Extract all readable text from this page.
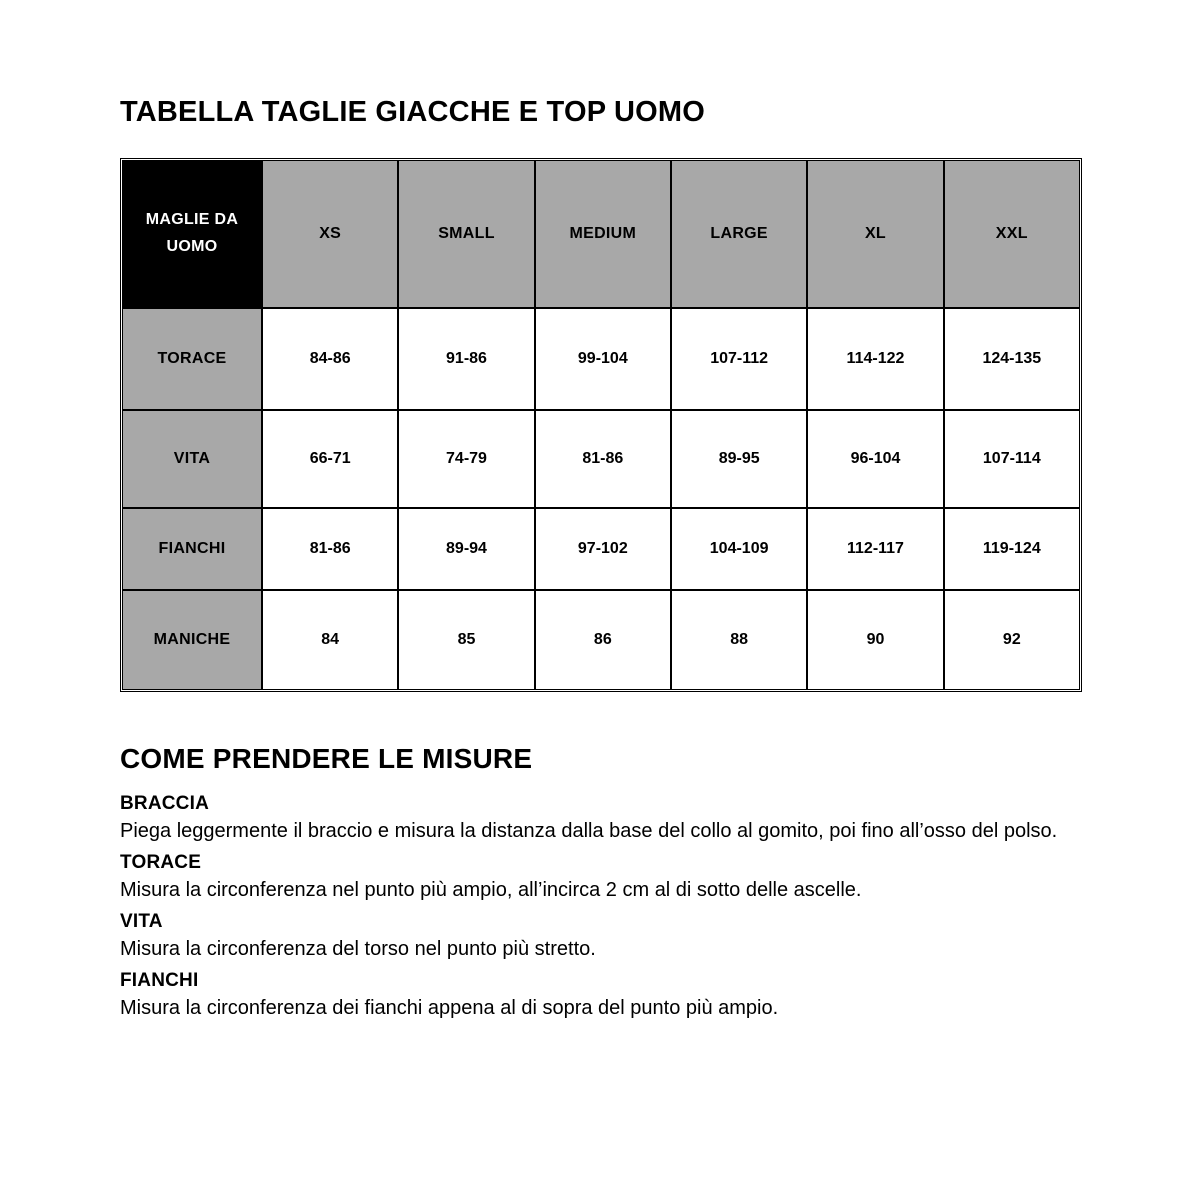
TABELLA TAGLIE GIACCHE E TOP UOMO
MAGLIE DA UOMO	XS	SMALL	MEDIUM	LARGE	XL	XXL
TORACE	84-86	91-86	99-104	107-112	114-122	124-135
VITA	66-71	74-79	81-86	89-95	96-104	107-114
FIANCHI	81-86	89-94	97-102	104-109	112-117	119-124
MANICHE	84	85	86	88	90	92
COME PRENDERE LE MISURE
BRACCIA

Piega leggermente il braccio e misura la distanza dalla base del collo al gomito, poi fino all’osso del polso.

TORACE

Misura la circonferenza nel punto più ampio, all’incirca 2 cm al di sotto delle ascelle.

VITA

Misura la circonferenza del torso nel punto più stretto.

FIANCHI

Misura la circonferenza dei fianchi appena al di sopra del punto più ampio.
